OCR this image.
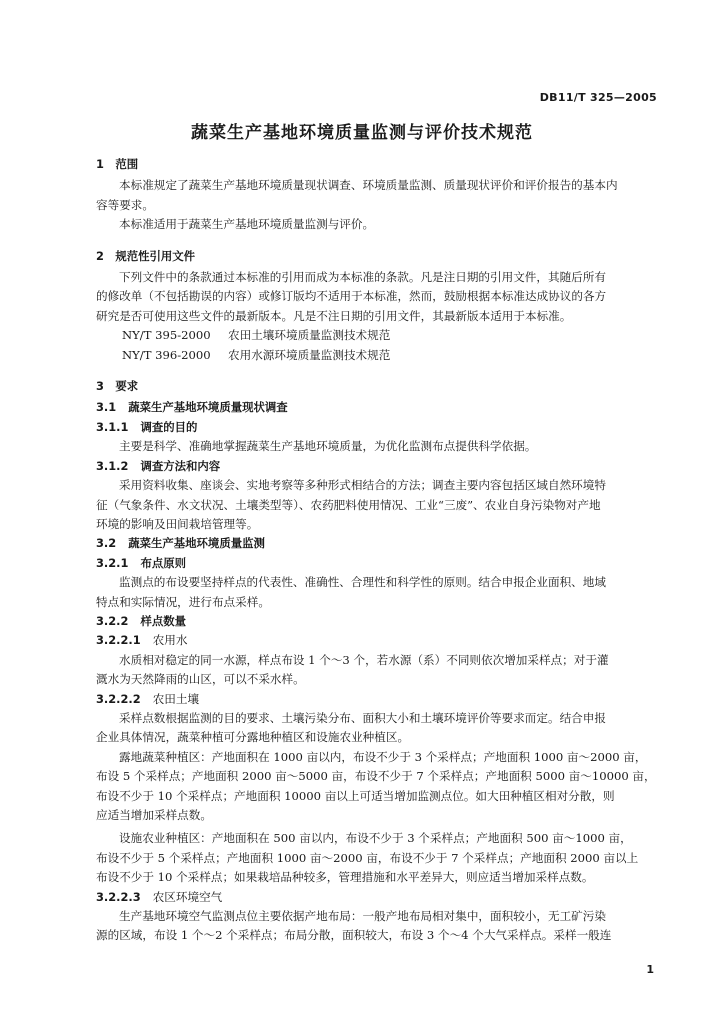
DB11/T 325—2005
蔬菜生产基地环境质量监测与评价技术规范

1　范围

本标准规定了蔬菜生产基地环境质量现状调查、环境质量监测、质量现状评价和评价报告的基本内

容等要求。

本标准适用于蔬菜生产基地环境质量监测与评价。

2　规范性引用文件

下列文件中的条款通过本标准的引用而成为本标准的条款。凡是注日期的引用文件，其随后所有

的修改单（不包括勘误的内容）或修订版均不适用于本标准，然而，鼓励根据本标准达成协议的各方

研究是否可使用这些文件的最新版本。凡是不注日期的引用文件，其最新版本适用于本标准。

NY/T 395-2000 农田土壤环境质量监测技术规范

NY/T 396-2000 农用水源环境质量监测技术规范

3　要求

3.1 蔬菜生产基地环境质量现状调查

3.1.1 调查的目的

主要是科学、准确地掌握蔬菜生产基地环境质量，为优化监测布点提供科学依据。

3.1.2 调查方法和内容

采用资料收集、座谈会、实地考察等多种形式相结合的方法；调查主要内容包括区域自然环境特

征（气象条件、水文状况、土壤类型等）、农药肥料使用情况、工业“三废”、农业自身污染物对产地

环境的影响及田间栽培管理等。

3.2 蔬菜生产基地环境质量监测

3.2.1 布点原则

监测点的布设要坚持样点的代表性、准确性、合理性和科学性的原则。结合申报企业面积、地域

特点和实际情况，进行布点采样。

3.2.2 样点数量

3.2.2.1 农用水

水质相对稳定的同一水源，样点布设 1 个～3 个，若水源（系）不同则依次增加采样点；对于灌

溉水为天然降雨的山区，可以不采水样。

3.2.2.2 农田土壤

采样点数根据监测的目的要求、土壤污染分布、面积大小和土壤环境评价等要求而定。结合申报

企业具体情况，蔬菜种植可分露地种植区和设施农业种植区。

露地蔬菜种植区：产地面积在 1000 亩以内，布设不少于 3 个采样点；产地面积 1000 亩～2000 亩，

布设 5 个采样点；产地面积 2000 亩～5000 亩，布设不少于 7 个采样点；产地面积 5000 亩～10000 亩，

布设不少于 10 个采样点；产地面积 10000 亩以上可适当增加监测点位。如大田种植区相对分散，则

应适当增加采样点数。

设施农业种植区：产地面积在 500 亩以内，布设不少于 3 个采样点；产地面积 500 亩～1000 亩，

布设不少于 5 个采样点；产地面积 1000 亩～2000 亩，布设不少于 7 个采样点；产地面积 2000 亩以上

布设不少于 10 个采样点；如果栽培品种较多，管理措施和水平差异大，则应适当增加采样点数。

3.2.2.3 农区环境空气

生产基地环境空气监测点位主要依据产地布局：一般产地布局相对集中，面积较小，无工矿污染

源的区域，布设 1 个～2 个采样点；布局分散，面积较大，布设 3 个～4 个大气采样点。采样一般连

1
